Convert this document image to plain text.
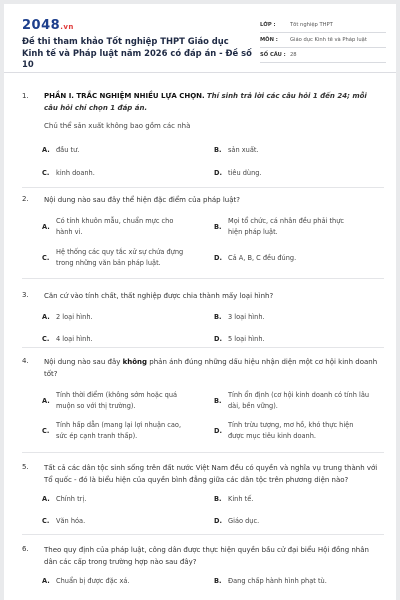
2048.vn
Đề thi tham khảo Tốt nghiệp THPT Giáo dục Kinh tế và Pháp luật năm 2026 có đáp án - Đề số 10
LỚP :	Tốt nghiệp THPT
MÔN :	Giáo dục Kinh tế và Pháp luật
SỐ CÂU : 28
1. PHẦN I. TRẮC NGHIỆM NHIỀU LỰA CHỌN. Thí sinh trả lời các câu hỏi 1 đến 24; mỗi câu hỏi chỉ chọn 1 đáp án.
Chủ thể sản xuất không bao gồm các nhà
A. đầu tư.	B. sản xuất.
C. kinh doanh.	D. tiêu dùng.
2. Nội dung nào sau đây thể hiện đặc điểm của pháp luật?
A.
Có tính khuôn mẫu, chuẩn mực cho hành vi.
B.
Mọi tổ chức, cá nhân đều phải thực hiện pháp luật.
C.
Hệ thống các quy tắc xử sự chứa đựng trong những văn bản pháp luật.
D. Cả A, B, C đều đúng.
3. Căn cứ vào tính chất, thất nghiệp được chia thành mấy loại hình?
A. 2 loại hình.	B. 3 loại hình.
C. 4 loại hình.	D. 5 loại hình.
4. Nội dung nào sau đây không phản ánh đúng những dấu hiệu nhận diện một cơ hội kinh doanh tốt?
A.
Tính thời điểm (không sớm hoặc quá muộn so với thị trường).
B.
Tính ổn định (cơ hội kinh doanh có tính lâu dài, bền vững).
C.
Tính hấp dẫn (mang lại lợi nhuận cao, sức ép cạnh tranh thấp).
D.
Tính trừu tượng, mơ hồ, khó thực hiện được mục tiêu kinh doanh.
5. Tất cả các dân tộc sinh sống trên đất nước Việt Nam đều có quyền và nghĩa vụ trung thành với Tổ quốc - đó là biểu hiện của quyền bình đẳng giữa các dân tộc trên phương diện nào?
A. Chính trị.	B. Kinh tế.
C. Văn hóa.	D. Giáo dục.
6. Theo quy định của pháp luật, công dân được thực hiện quyền bầu cử đại biểu Hội đồng nhân dân các cấp trong trường hợp nào sau đây?
A. Chuẩn bị được đặc xá.	B. Đang chấp hành hình phạt tù.
